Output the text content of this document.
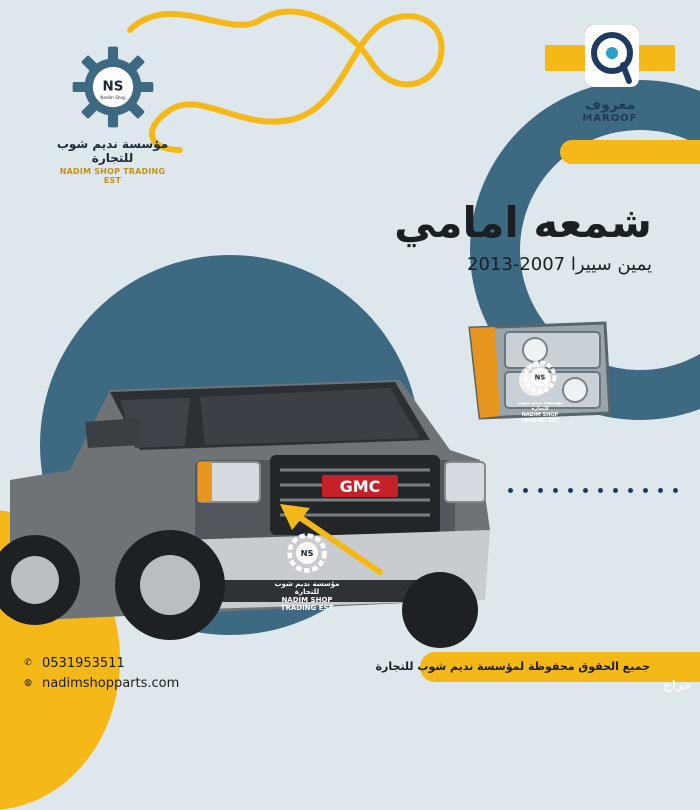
NS
Nadim Shop
مؤسسة نديم شوب للتجارة
NADIM SHOP TRADING EST
معروف
MAROOF
شمعه امامي
يمين سييرا 2007-2013
GMC
NS
مؤسسة نديم شوب للتجارة
NADIM SHOP TRADING EST
NS
مؤسسة نديم شوب للتجارة
NADIM SHOP TRADING EST
✆ 0531953511
◍ nadimshopparts.com
جميع الحقوق محفوظة لمؤسسة نديم شوب للتجارة
حراج
